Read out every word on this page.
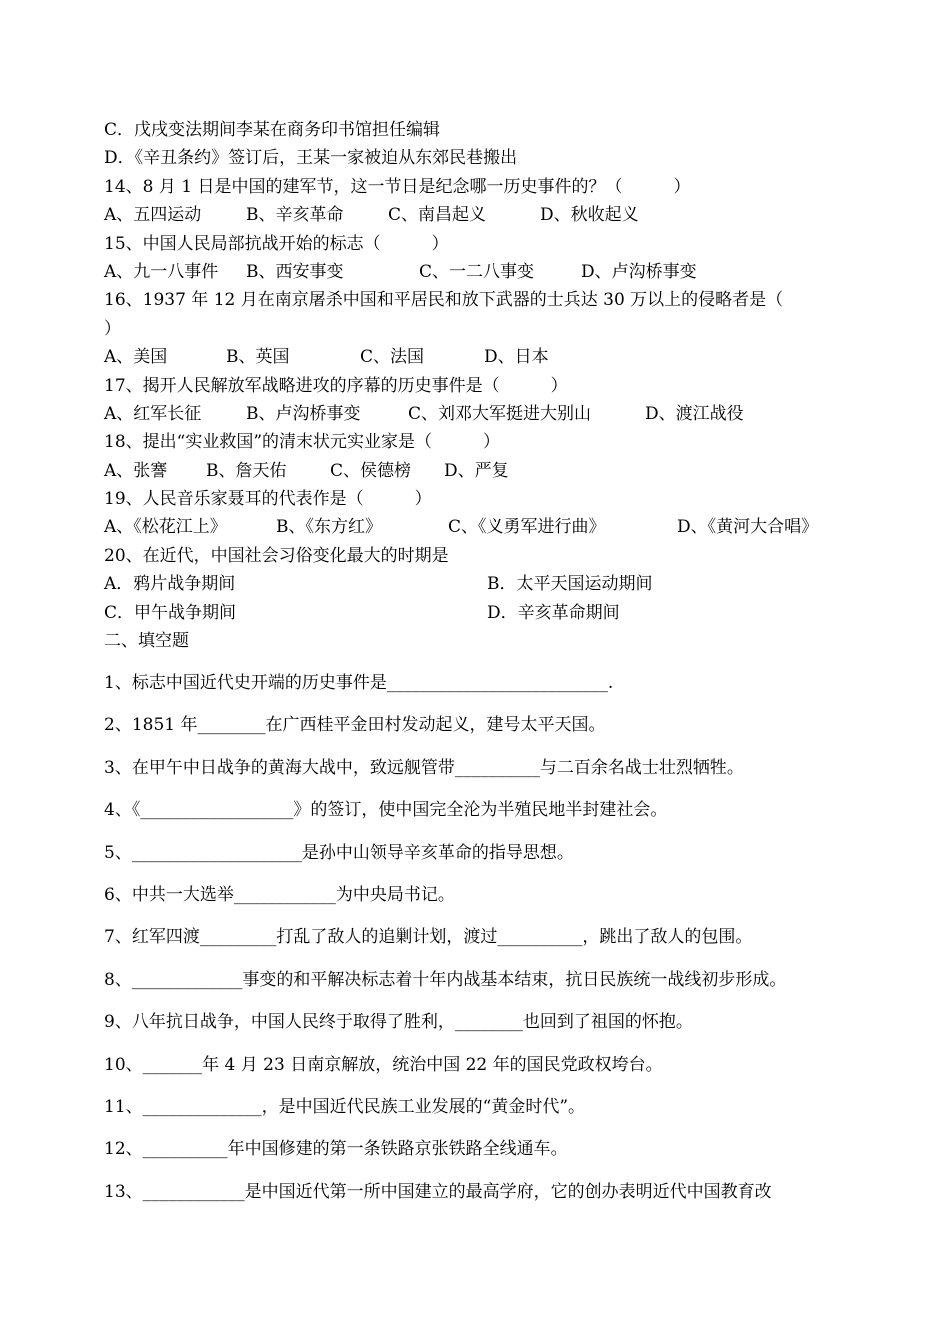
C．戊戌变法期间李某在商务印书馆担任编辑
D．《辛丑条约》签订后，王某一家被迫从东郊民巷搬出
14、8 月 1 日是中国的建军节，这一节日是纪念哪一历史事件的？（　　　）
A、五四运动	B、辛亥革命	C、南昌起义	D、秋收起义
15、中国人民局部抗战开始的标志（　　　）
A、九一八事件	B、西安事变	C、一二八事变	D、卢沟桥事变
16、1937 年 12 月在南京屠杀中国和平居民和放下武器的士兵达 30 万以上的侵略者是（
）
A、美国	B、英国	C、法国	D、日本
17、揭开人民解放军战略进攻的序幕的历史事件是（　　　）
A、红军长征	B、卢沟桥事变	C、刘邓大军挺进大别山	D、渡江战役
18、提出“实业救国”的清末状元实业家是（　　　）
A、张謇	B、詹天佑	C、侯德榜	D、严复
19、人民音乐家聂耳的代表作是（　　　）
A、《松花江上》	B、《东方红》	C、《义勇军进行曲》	D、《黄河大合唱》
20、在近代，中国社会习俗变化最大的时期是
A．鸦片战争期间	B．太平天国运动期间
C．甲午战争期间	D．辛亥革命期间
二、填空题
1、标志中国近代史开端的历史事件是__________________________.
2、1851 年________在广西桂平金田村发动起义，建号太平天国。
3、在甲午中日战争的黄海大战中，致远舰管带__________与二百余名战士壮烈牺牲。
4、《__________________》的签订，使中国完全沦为半殖民地半封建社会。
5、____________________是孙中山领导辛亥革命的指导思想。
6、中共一大选举____________为中央局书记。
7、红军四渡_________打乱了敌人的追剿计划，渡过__________，跳出了敌人的包围。
8、_____________事变的和平解决标志着十年内战基本结束，抗日民族统一战线初步形成。
9、八年抗日战争，中国人民终于取得了胜利，________也回到了祖国的怀抱。
10、_______年 4 月 23 日南京解放，统治中国 22 年的国民党政权垮台。
11、______________，是中国近代民族工业发展的“黄金时代”。
12、__________年中国修建的第一条铁路京张铁路全线通车。
13、____________是中国近代第一所中国建立的最高学府，它的创办表明近代中国教育改
